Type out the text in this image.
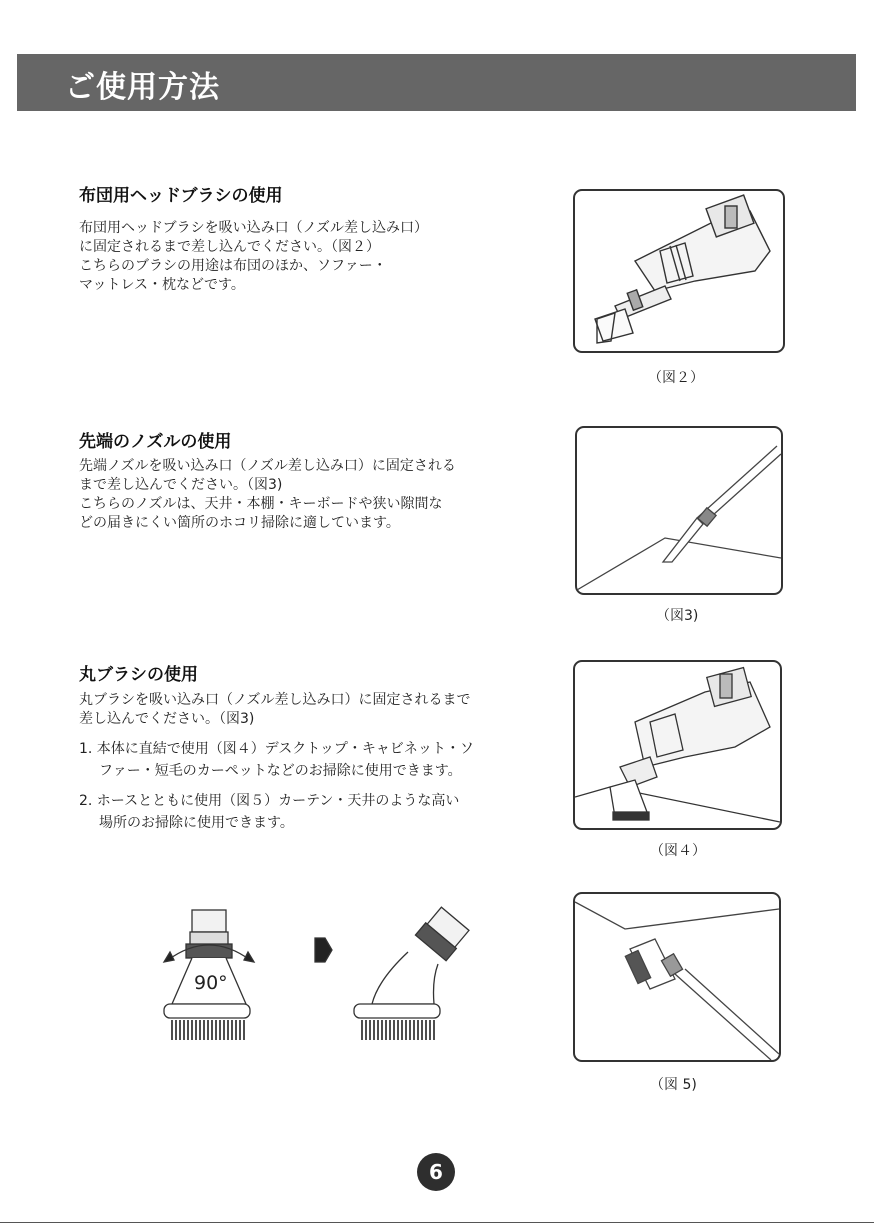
ご使用方法
布団用ヘッドブラシの使用
布団用ヘッドブラシを吸い込み口（ノズル差し込み口）
に固定されるまで差し込んでください。（図２）
こちらのブラシの用途は布団のほか、ソファー・
マットレス・枕などです。
先端のノズルの使用
先端ノズルを吸い込み口（ノズル差し込み口）に固定される
まで差し込んでください。（図3)
こちらのノズルは、天井・本棚・キーボードや狭い隙間な
どの届きにくい箇所のホコリ掃除に適しています。
丸ブラシの使用
丸ブラシを吸い込み口（ノズル差し込み口）に固定されるまで
差し込んでください。（図3)
1. 本体に直結で使用（図４）デスクトップ・キャビネット・ソ
ファー・短毛のカーペットなどのお掃除に使用できます。
2. ホースとともに使用（図５）カーテン・天井のような高い
場所のお掃除に使用できます。
（図２）
（図3)
（図４）
（図 5)
90°
6
